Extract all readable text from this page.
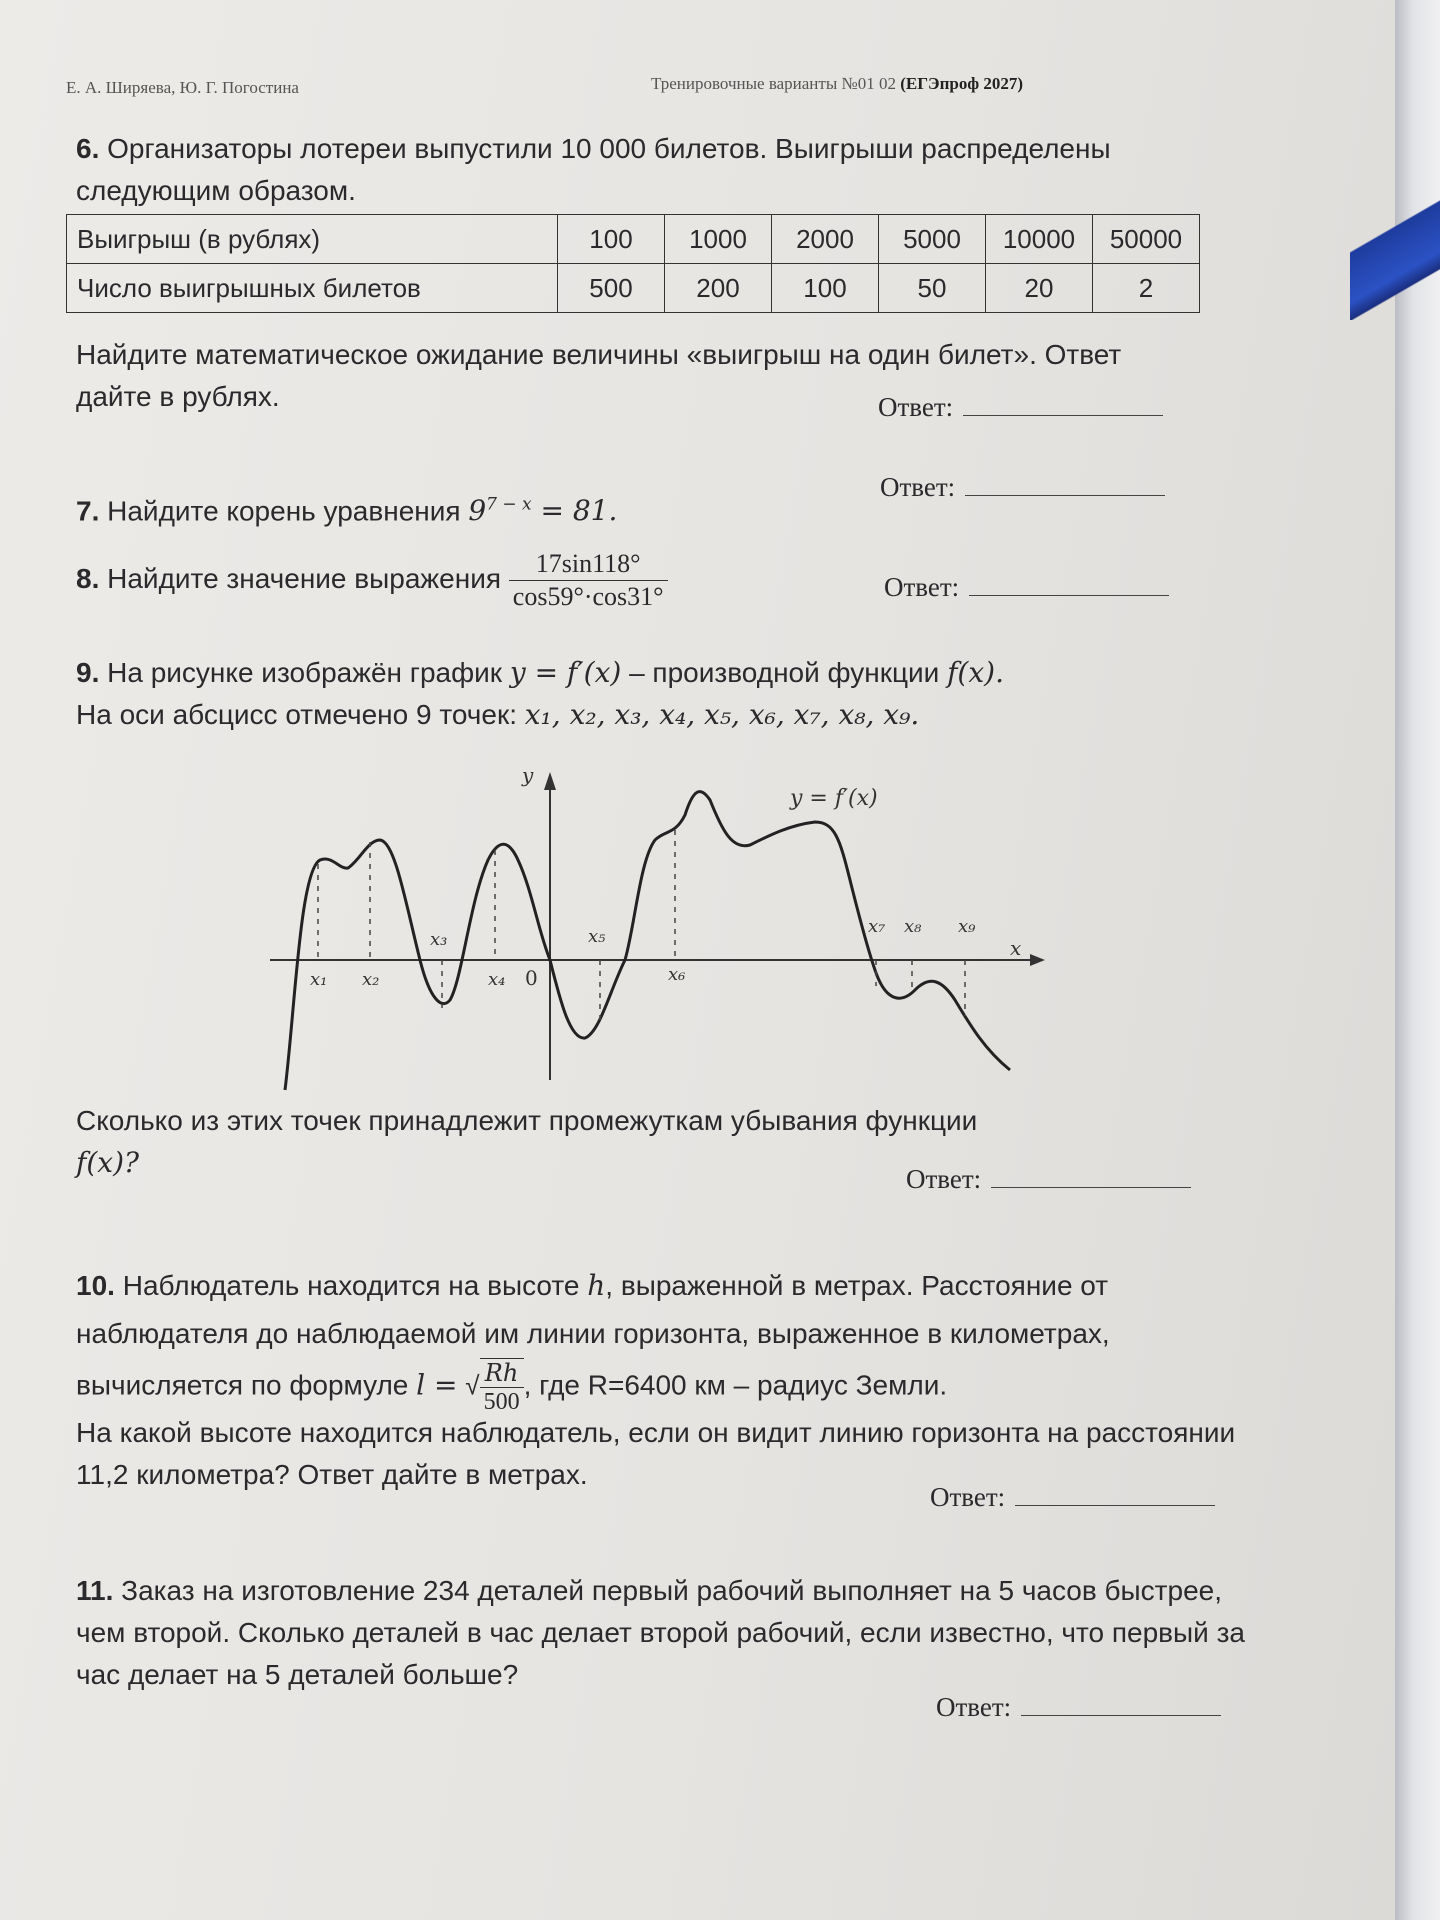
Е. А. Ширяева, Ю. Г. Погостина	Тренировочные варианты №01 02 (ЕГЭпроф 2027)
6. Организаторы лотереи выпустили 10 000 билетов. Выигрыши распределены следующим образом.
Выигрыш (в рублях)	100	1000	2000	5000	10000	50000
Число выигрышных билетов	500	200	100	50	20	2
Найдите математическое ожидание величины «выигрыш на один билет». Ответ дайте в рублях.	Ответ:
7. Найдите корень уравнения $9^{7 - x} = 81$.
Ответ:
8. Найдите значение выражения $\frac{17\sin 118^\circ}{\cos 59^\circ\cdot\cos 31^\circ}$	Ответ:
9. На рисунке изображён график y = f′(x) – производной функции f(x).
На оси абсцисс отмечено 9 точек: x₁, x₂, x₃, x₄, x₅, x₆, x₇, x₈, x₉.
y
x
0
y = f′(x)
x₁ x₂
x₃
x₄
x₅
x₆
x₇ x₈ x₉
Сколько из этих точек принадлежит промежуткам убывания функции
f(x)?	Ответ:
10. Наблюдатель находится на высоте h, выраженной в метрах. Расстояние от наблюдателя до наблюдаемой им линии горизонта, выраженное в километрах, вычисляется по формуле l = √ $\frac{Rh}{500}$ , где R=6400 км – радиус Земли.
На какой высоте находится наблюдатель, если он видит линию горизонта на расстоянии 11,2 километра? Ответ дайте в метрах.
Ответ:
11. Заказ на изготовление 234 деталей первый рабочий выполняет на 5 часов быстрее, чем второй. Сколько деталей в час делает второй рабочий, если известно, что первый за час делает на 5 деталей больше?
Ответ:
